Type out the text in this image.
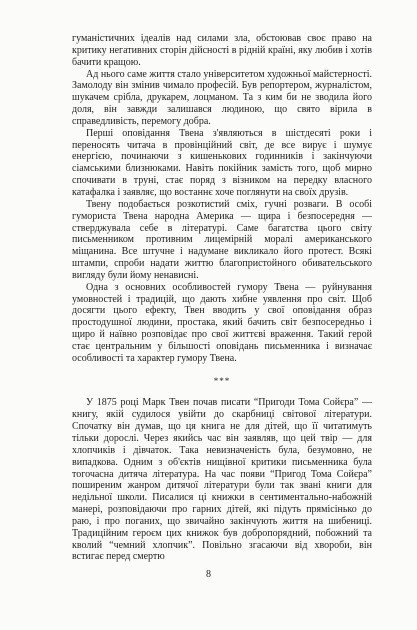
гуманістичних ідеалів над силами зла, обстоював своє право на критику негативних сторін дійсності в рідній країні, яку любив і хотів бачити кращою.

Ад нього саме життя стало університетом художньої майстерності. Замолоду він змінив чимало професій. Був репортером, журналістом, шукачем срібла, друкарем, лоцманом. Та з ким би не зводила його доля, він завжди залишався людиною, що свято вірила в справедливість, перемогу добра.

Перші оповідання Твена з'являються в шістдесяті роки і переносять читача в провінційний світ, де все вирує і шумує енергією, починаючи з кишенькових годинників і закінчуючи сіамськими близнюками. Навіть покійник замість того, щоб мирно спочивати в труні, стає поряд з візником на передку власного катафалка і заявляє, що востаннє хоче поглянути на своїх друзів.

Твену подобається розкотистий сміх, гучні розваги. В особі гумориста Твена народна Америка — щира і безпосередня — стверджувала себе в літературі. Саме багатства цього світу письменником противним лицемірній моралі американського міщанина. Все штучне і надумане викликало його протест. Всякі штампи, спроби надати життю благопристойного обивательського вигляду були йому ненависні.

Одна з основних особливостей гумору Твена — руйнування умовностей і традицій, що дають хибне уявлення про світ. Щоб досягти цього ефекту, Твен вводить у свої оповідання образ простодушної людини, простака, який бачить світ безпосередньо і щиро й наївно розповідає про свої життєві враження. Такий герой стає центральним у більшості оповідань письменника і визначає особливості та характер гумору Твена.

***

У 1875 році Марк Твен почав писати “Пригоди Тома Сойєра” — книгу, якій судилося увійти до скарбниці світової літератури. Спочатку він думав, що ця книга не для дітей, що її читатимуть тільки дорослі. Через якийсь час він заявляв, що цей твір — для хлопчиків і дівчаток. Така невизначеність була, безумовно, не випадкова. Одним з об'єктів нищівної критики письменника була тогочасна дитяча література. На час появи “Пригод Тома Сойєра” поширеним жанром дитячої літератури були так звані книги для недільної школи. Писалися ці книжки в сентиментально-набожній манері, розповідаючи про гарних дітей, які підуть прямісінько до раю, і про поганих, що звичайно закінчують життя на шибениці. Традиційним героєм цих книжок був добропорядний, побожний та кволий “чемний хлопчик”. Повільно згасаючи від хвороби, він встигає перед смертю

8
